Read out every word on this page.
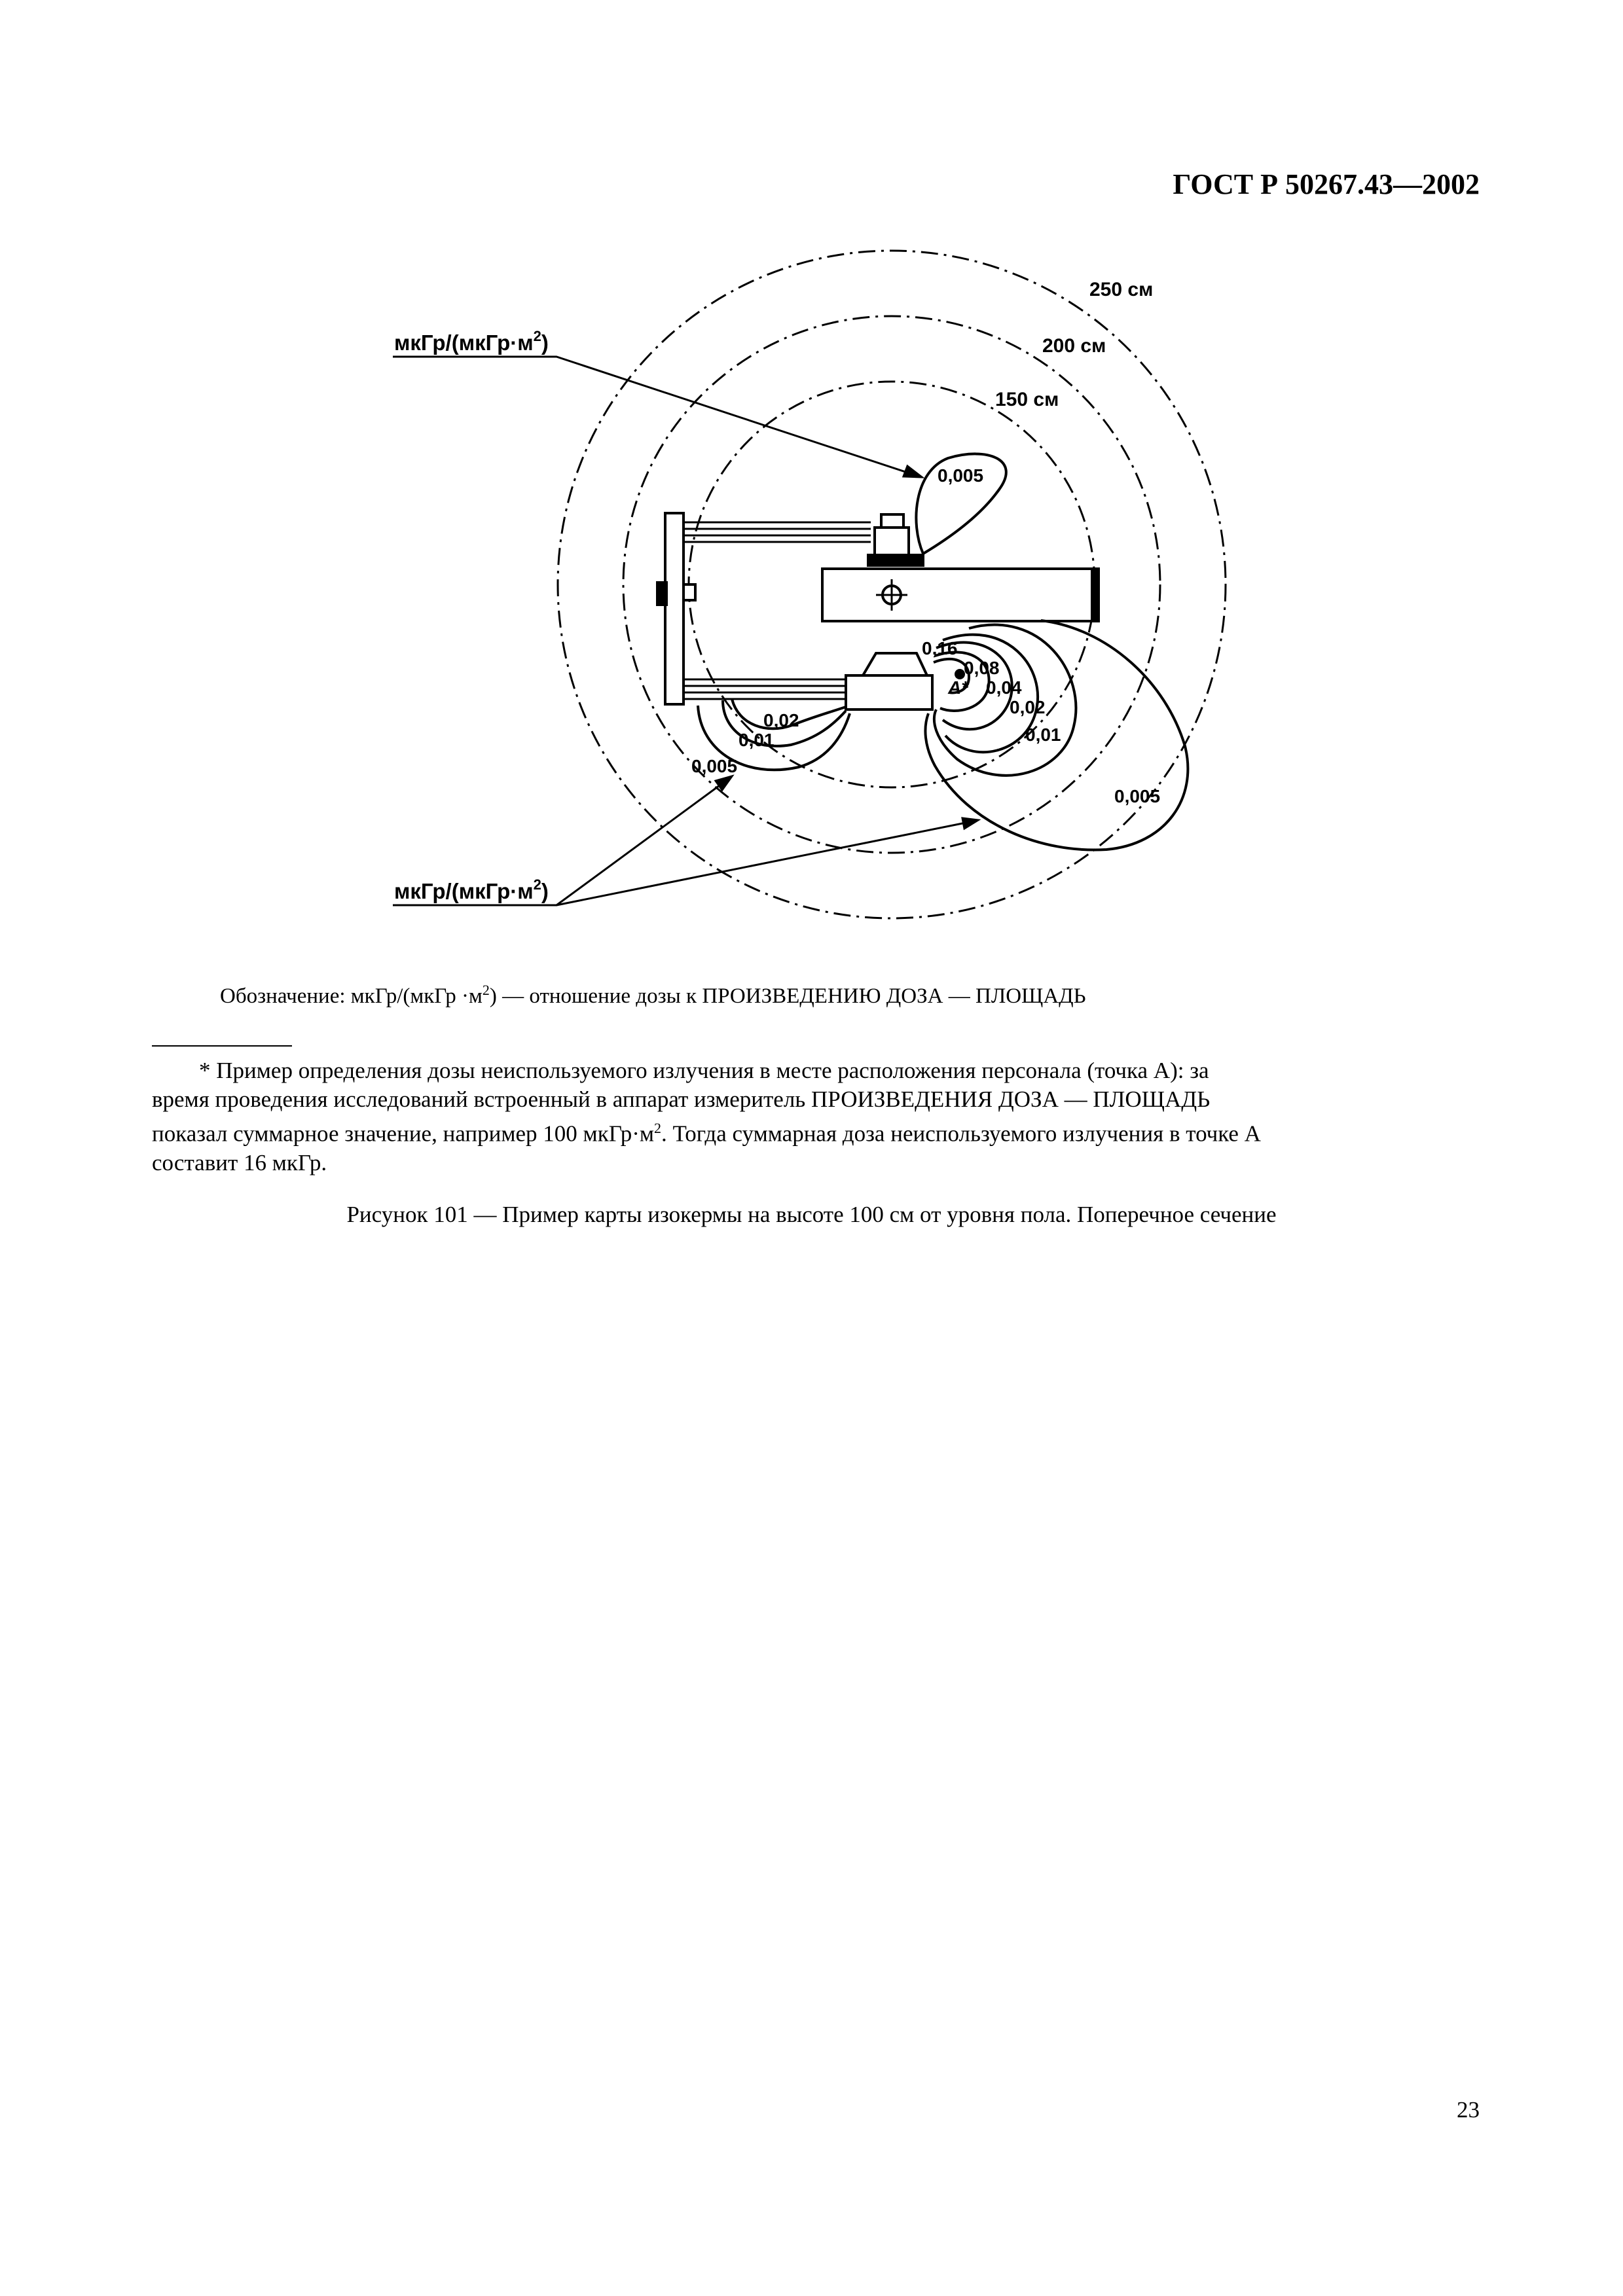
ГОСТ Р 50267.43—2002
250 см
200 см
150 см
мкГр/$(мкГр\cdot м^2)$
мкГр/$(мкГр\cdot м^2)$
0,005
0,02
0,01
0,005
0,16
0,08
0,04
0,02
0,01
0,005
A*
Обозначение: мкГр/(мкГр $\cdot м^2$) — отношение дозы к ПРОИЗВЕДЕНИЮ ДОЗА — ПЛОЩАДЬ
* Пример определения дозы неиспользуемого излучения в месте расположения персонала (точка А): за
время проведения исследований встроенный в аппарат измеритель ПРОИЗВЕДЕНИЯ ДОЗА — ПЛОЩАДЬ
показал суммарное значение, например 100 $мкГр\cdot м^2$. Тогда суммарная доза неиспользуемого излучения в точке А
составит 16 мкГр.
Рисунок 101 — Пример карты изокермы на высоте 100 см от уровня пола. Поперечное сечение
23
